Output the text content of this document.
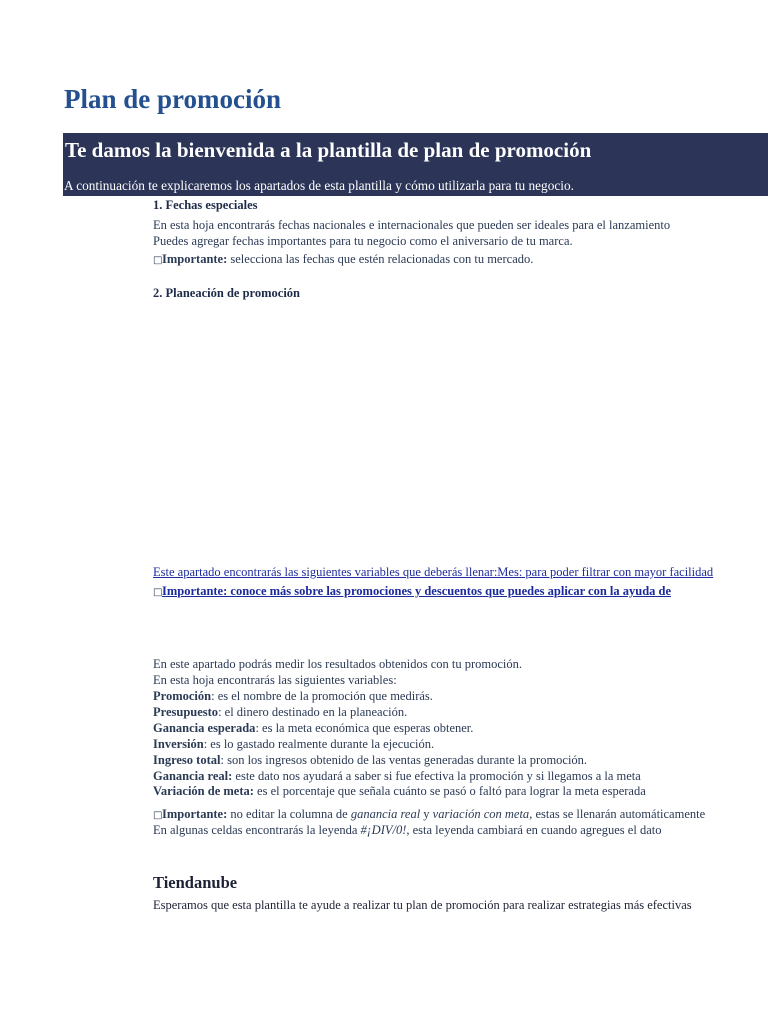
Plan de promoción
Te damos la bienvenida a la plantilla de plan de promoción
A continuación te explicaremos los apartados de esta plantilla y cómo utilizarla para tu negocio.
1. Fechas especiales
En esta hoja encontrarás fechas nacionales e internacionales que pueden ser ideales para el lanzamiento
Puedes agregar fechas importantes para tu negocio como el aniversario de tu marca.
□Importante: selecciona las fechas que estén relacionadas con tu mercado.
2. Planeación de promoción
Este apartado encontrarás las siguientes variables que deberás llenar:Mes: para poder filtrar con mayor facilidad
□Importante: conoce más sobre las promociones y descuentos que puedes aplicar con la ayuda de
En este apartado podrás medir los resultados obtenidos con tu promoción.
En esta hoja encontrarás las siguientes variables:
Promoción: es el nombre de la promoción que medirás.
Presupuesto: el dinero destinado en la planeación.
Ganancia esperada: es la meta económica que esperas obtener.
Inversión: es lo gastado realmente durante la ejecución.
Ingreso total: son los ingresos obtenido de las ventas generadas durante la promoción.
Ganancia real: este dato nos ayudará a saber si fue efectiva la promoción y si llegamos a la meta
Variación de meta: es el porcentaje que señala cuánto se pasó o faltó para lograr la meta esperada
□Importante: no editar la columna de ganancia real y variación con meta, estas se llenarán automáticamente
En algunas celdas encontrarás la leyenda #¡DIV/0!, esta leyenda cambiará en cuando agregues el dato
Tiendanube
Esperamos que esta plantilla te ayude a realizar tu plan de promoción para realizar estrategias más efectivas
